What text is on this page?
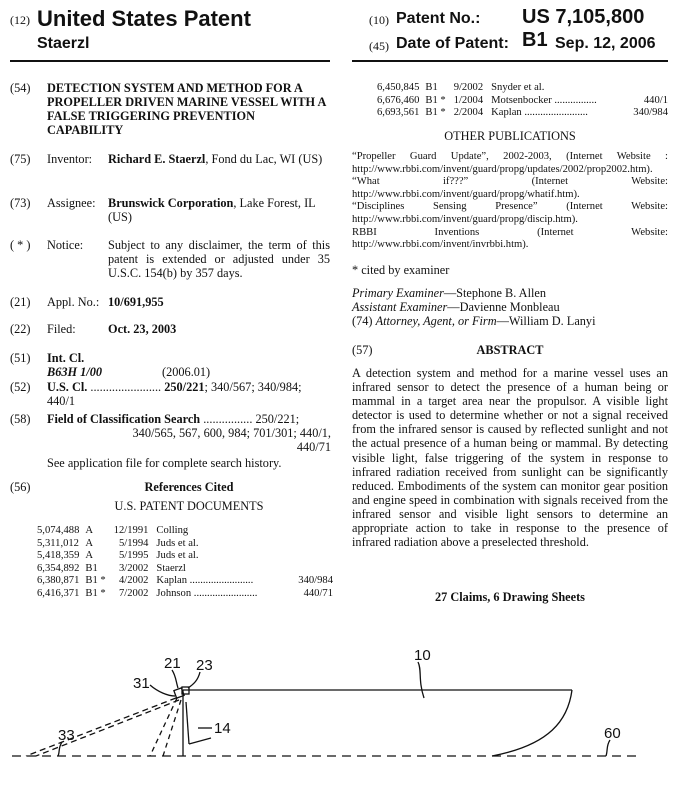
(12) United States Patent
Staerzl
(10) Patent No.: US 7,105,800 B1
(45) Date of Patent:	Sep. 12, 2006
(54) DETECTION SYSTEM AND METHOD FOR A PROPELLER DRIVEN MARINE VESSEL WITH A FALSE TRIGGERING PREVENTION CAPABILITY
(75) Inventor: Richard E. Staerzl, Fond du Lac, WI (US)
(73) Assignee: Brunswick Corporation, Lake Forest, IL (US)
( * ) Notice: Subject to any disclaimer, the term of this patent is extended or adjusted under 35 U.S.C. 154(b) by 357 days.
(21) Appl. No.: 10/691,955
(22) Filed:	Oct. 23, 2003
(51) Int. Cl.
B63H 1/00	(2006.01)
(52) U.S. Cl. ....................... 250/221; 340/567; 340/984; 440/1
(58) Field of Classification Search ................ 250/221;
340/565, 567, 600, 984; 701/301; 440/1,
440/71
See application file for complete search history.
(56)	References Cited
U.S. PATENT DOCUMENTS
5,074,488	A	12/1991	Colling	
5,311,012	A	5/1994	Juds et al.	
5,418,359	A	5/1995	Juds et al.	
6,354,892	B1	3/2002	Staerzl	
6,380,871	B1 *	4/2002	Kaplan ........................	340/984
6,416,371	B1 *	7/2002	Johnson ........................	440/71
6,450,845	B1	9/2002	Snyder et al.	
6,676,460	B1 *	1/2004	Motsenbocker ................	440/1
6,693,561	B1 *	2/2004	Kaplan ........................	340/984
OTHER PUBLICATIONS
“Propeller Guard Update”, 2002-2003, (Internet Website : http://www.rbbi.com/invent/guard/propg/updates/2002/prop2002.htm).
“What if???” (Internet Website: http://www.rbbi.com/invent/guard/propg/whatif.htm).
“Disciplines Sensing Presence” (Internet Website: http://www.rbbi.com/invent/guard/propg/discip.htm).
RBBI Inventions (Internet Website: http://www.rbbi.com/invent/invrbbi.htm).
* cited by examiner
Primary Examiner—Stephone B. Allen
Assistant Examiner—Davienne Monbleau
(74) Attorney, Agent, or Firm—William D. Lanyi
(57)	ABSTRACT
A detection system and method for a marine vessel uses an infrared sensor to detect the presence of a human being or mammal in a target area near the propulsor. A visible light detector is used to determine whether or not a signal received from the infrared sensor is caused by reflected sunlight and not the actual presence of a human being or mammal. By detecting visible light, false triggering of the system in response to infrared radiation received from sunlight can be significantly reduced. Embodiments of the system can monitor gear position and engine speed in combination with signals received from the infrared sensor and visible light sensors to determine an appropriate action to take in response to the presence of infrared radiation above a preselected threshold.
27 Claims, 6 Drawing Sheets
10
21 23
31
33	14	60
